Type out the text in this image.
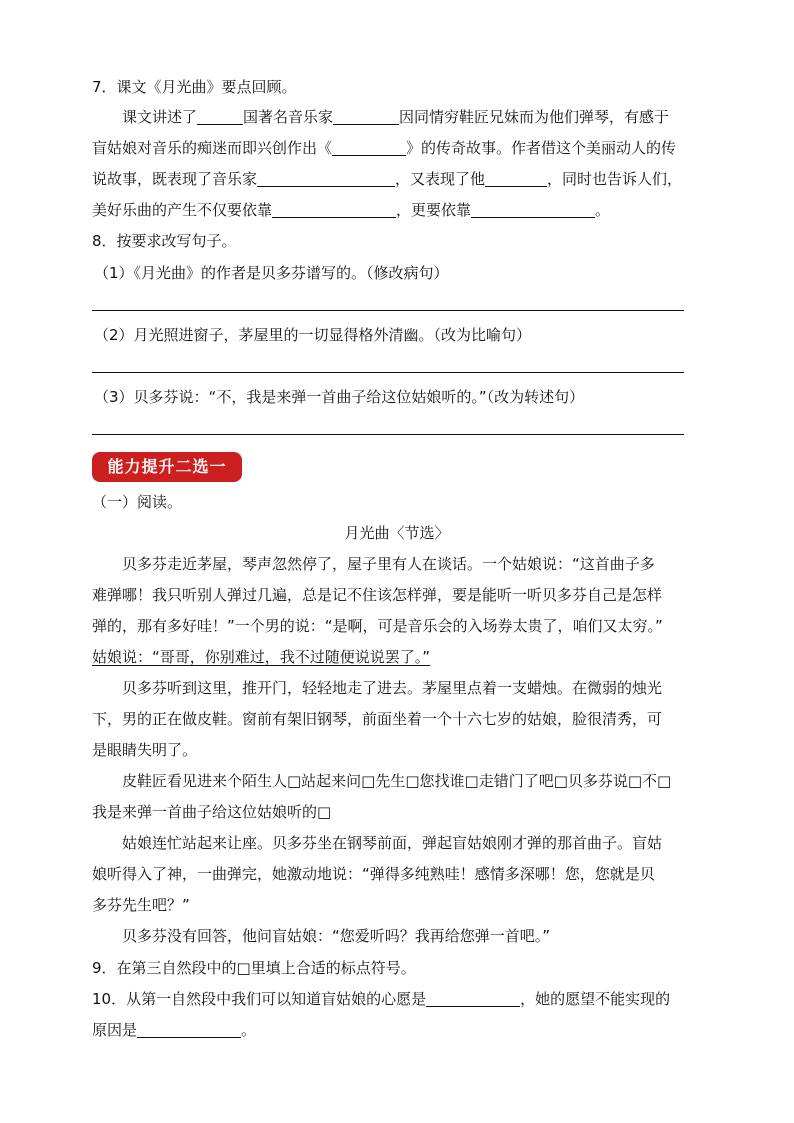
7．课文《月光曲》要点回顾。
课文讲述了	国著名音乐家	因同情穷鞋匠兄妹而为他们弹琴，有感于
盲姑娘对音乐的痴迷而即兴创作出《	》的传奇故事。作者借这个美丽动人的传
说故事，既表现了音乐家	，又表现了他	，同时也告诉人们，
美好乐曲的产生不仅要依靠	，更要依靠	。
8．按要求改写句子。
（1）《月光曲》的作者是贝多芬谱写的。（修改病句）
（2）月光照进窗子，茅屋里的一切显得格外清幽。（改为比喻句）
（3）贝多芬说：“不，我是来弹一首曲子给这位姑娘听的。”（改为转述句）
能力提升二选一
（一）阅读。
月光曲〈节选〉
贝多芬走近茅屋，琴声忽然停了，屋子里有人在谈话。一个姑娘说：“这首曲子多
难弹哪！我只听别人弹过几遍，总是记不住该怎样弹，要是能听一听贝多芬自己是怎样
弹的，那有多好哇！”一个男的说：“是啊，可是音乐会的入场券太贵了，咱们又太穷。”
姑娘说：“哥哥，你别难过，我不过随便说说罢了。”
贝多芬听到这里，推开门，轻轻地走了进去。茅屋里点着一支蜡烛。在微弱的烛光
下，男的正在做皮鞋。窗前有架旧钢琴，前面坐着一个十六七岁的姑娘，脸很清秀，可
是眼睛失明了。
皮鞋匠看见进来个陌生人□站起来问□先生□您找谁□走错门了吧□贝多芬说□不□
我是来弹一首曲子给这位姑娘听的□
姑娘连忙站起来让座。贝多芬坐在钢琴前面，弹起盲姑娘刚才弹的那首曲子。盲姑
娘听得入了神，一曲弹完，她激动地说：“弹得多纯熟哇！感情多深哪！您，您就是贝
多芬先生吧？”
贝多芬没有回答，他问盲姑娘：“您爱听吗？我再给您弹一首吧。”
9．在第三自然段中的□里填上合适的标点符号。
10．从第一自然段中我们可以知道盲姑娘的心愿是	，她的愿望不能实现的
原因是	。
